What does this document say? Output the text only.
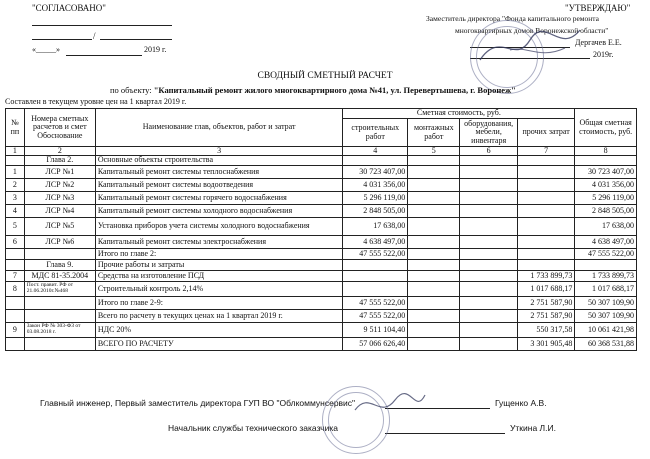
"СОГЛАСОВАНО"
/
«_____»	2019 г.
"УТВЕРЖДАЮ"
Заместитель директора "Фонда капитального ремонта
многоквартирных домов Воронежской области"
Дергачев Е.Е.
2019г.
СВОДНЫЙ СМЕТНЫЙ РАСЧЕТ
по объекту: "Капитальный ремонт жилого многоквартирного дома №41, ул. Перевертышева, г. Воронеж"
Составлен в текущем уровне цен на 1 квартал 2019 г.
№ пп	Номера сметных расчетов и смет Обоснование	Наименование глав, объектов, работ и затрат	Сметная стоимость, руб.				Общая сметная стоимость, руб.
			строительных работ	монтажных работ	оборудования, мебели, инвентаря	прочих затрат	
1	2	3	4	5	6	7	8
	Глава 2.	Основные объекты строительства					
1	ЛСР №1	Капитальный ремонт системы теплоснабжения	30 723 407,00				30 723 407,00
2	ЛСР №2	Капитальный ремонт системы водоотведения	4 031 356,00				4 031 356,00
3	ЛСР №3	Капитальный ремонт системы горячего водоснабжения	5 296 119,00				5 296 119,00
4	ЛСР №4	Капитальный ремонт системы холодного водоснабжения	2 848 505,00				2 848 505,00
5	ЛСР №5	Установка приборов учета системы холодного водоснабжения	17 638,00				17 638,00
6	ЛСР №6	Капитальный ремонт системы электроснабжения	4 638 497,00				4 638 497,00
		Итого по главе 2:	47 555 522,00				47 555 522,00
	Глава 9.	Прочие работы и затраты					
7	МДС 81-35.2004	Средства на изготовление ПСД				1 733 899,73	1 733 899,73
8	Пост. правит. РФ от 21.06.2010г.№468	Строительный контроль 2,14%				1 017 688,17	1 017 688,17
		Итого по главе 2-9:	47 555 522,00			2 751 587,90	50 307 109,90
		Всего по расчету в текущих ценах на 1 квартал 2019 г.	47 555 522,00			2 751 587,90	50 307 109,90
9	Закон РФ № 303-ФЗ от 03.08.2018 г.	НДС 20%	9 511 104,40			550 317,58	10 061 421,98
		ВСЕГО ПО РАСЧЕТУ	57 066 626,40			3 301 905,48	60 368 531,88
Главный инженер, Первый заместитель директора ГУП ВО "Облкоммунсервис"	Гущенко А.В.
Начальник службы технического заказчика	Уткина Л.И.
